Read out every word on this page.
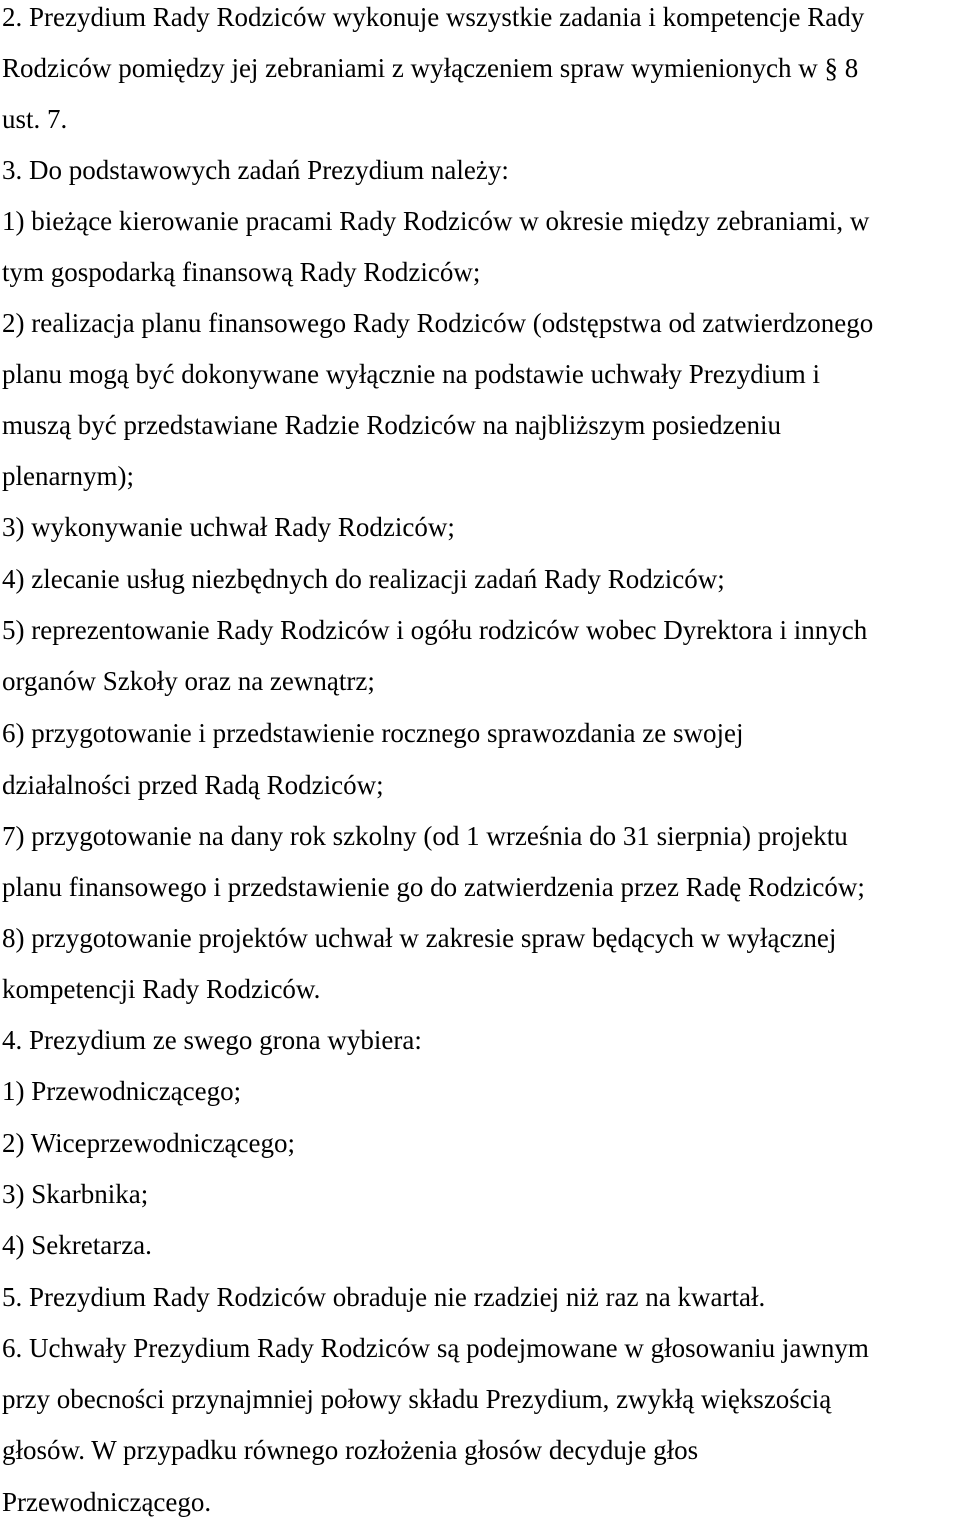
2. Prezydium Rady Rodziców wykonuje wszystkie zadania i kompetencje Rady
Rodziców pomiędzy jej zebraniami z wyłączeniem spraw wymienionych w § 8
ust. 7.
3. Do podstawowych zadań Prezydium należy:
1) bieżące kierowanie pracami Rady Rodziców w okresie między zebraniami, w
tym gospodarką finansową Rady Rodziców;
2) realizacja planu finansowego Rady Rodziców (odstępstwa od zatwierdzonego
planu mogą być dokonywane wyłącznie na podstawie uchwały Prezydium i
muszą być przedstawiane Radzie Rodziców na najbliższym posiedzeniu
plenarnym);
3) wykonywanie uchwał Rady Rodziców;
4) zlecanie usług niezbędnych do realizacji zadań Rady Rodziców;
5) reprezentowanie Rady Rodziców i ogółu rodziców wobec Dyrektora i innych
organów Szkoły oraz na zewnątrz;
6) przygotowanie i przedstawienie rocznego sprawozdania ze swojej
działalności przed Radą Rodziców;
7) przygotowanie na dany rok szkolny (od 1 września do 31 sierpnia) projektu
planu finansowego i przedstawienie go do zatwierdzenia przez Radę Rodziców;
8) przygotowanie projektów uchwał w zakresie spraw będących w wyłącznej
kompetencji Rady Rodziców.
4. Prezydium ze swego grona wybiera:
1) Przewodniczącego;
2) Wiceprzewodniczącego;
3) Skarbnika;
4) Sekretarza.
5. Prezydium Rady Rodziców obraduje nie rzadziej niż raz na kwartał.
6. Uchwały Prezydium Rady Rodziców są podejmowane w głosowaniu jawnym
przy obecności przynajmniej połowy składu Prezydium, zwykłą większością
głosów. W przypadku równego rozłożenia głosów decyduje głos
Przewodniczącego.
